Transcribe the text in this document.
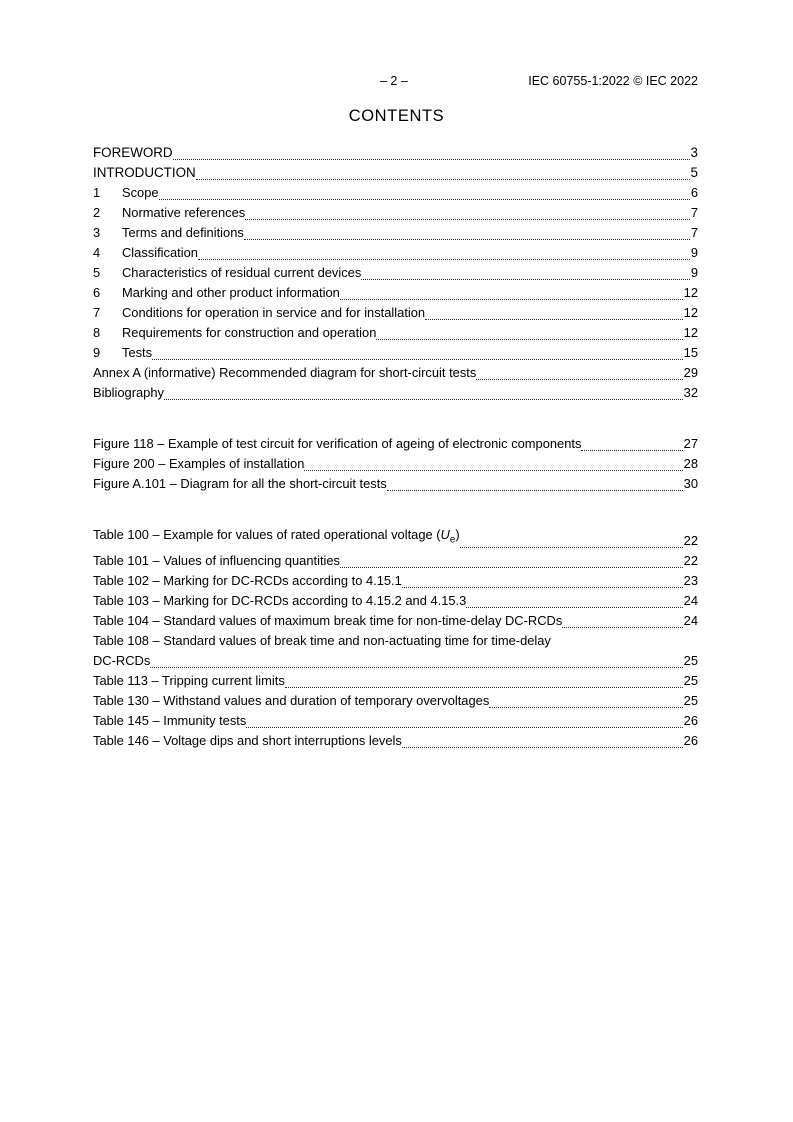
– 2 –	IEC 60755-1:2022 © IEC 2022
CONTENTS
FOREWORD	3
INTRODUCTION	5
1	Scope	6
2	Normative references	7
3	Terms and definitions	7
4	Classification	9
5	Characteristics of residual current devices	9
6	Marking and other product information	12
7	Conditions for operation in service and for installation	12
8	Requirements for construction and operation	12
9	Tests	15
Annex A (informative) Recommended diagram for short-circuit tests	29
Bibliography	32
Figure 118 – Example of test circuit for verification of ageing of electronic components	27
Figure 200 – Examples of installation	28
Figure A.101 – Diagram for all the short-circuit tests	30
Table 100 – Example for values of rated operational voltage $(U_e)$	22
Table 101 – Values of influencing quantities	22
Table 102 – Marking for DC-RCDs according to 4.15.1	23
Table 103 – Marking for DC-RCDs according to 4.15.2 and 4.15.3	24
Table 104 – Standard values of maximum break time for non-time-delay DC-RCDs	24
Table 108 – Standard values of break time and non-actuating time for time-delay
DC-RCDs	25
Table 113 – Tripping current limits	25
Table 130 – Withstand values and duration of temporary overvoltages	25
Table 145 – Immunity tests	26
Table 146 – Voltage dips and short interruptions levels	26
